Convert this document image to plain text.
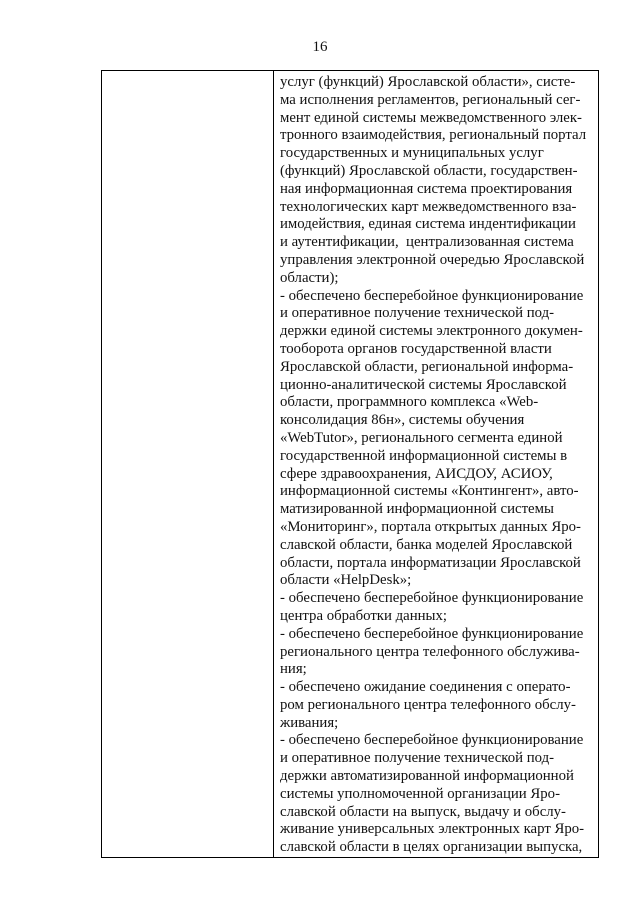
16

услуг (функций) Ярославской области», систе-
ма исполнения регламентов, региональный сег-
мент единой системы межведомственного элек-
тронного взаимодействия, региональный портал
государственных и муниципальных услуг
(функций) Ярославской области, государствен-
ная информационная система проектирования
технологических карт межведомственного вза-
имодействия, единая система индентификации
и аутентификации,  централизованная система
управления электронной очередью Ярославской
области);
- обеспечено бесперебойное функционирование
и оперативное получение технической под-
держки единой системы электронного докумен-
тооборота органов государственной власти
Ярославской области, региональной информа-
ционно-аналитической системы Ярославской
области, программного комплекса «Web-
консолидация 86н», системы обучения
«WebTutor», регионального сегмента единой
государственной информационной системы в
сфере здравоохранения, АИСДОУ, АСИОУ,
информационной системы «Контингент», авто-
матизированной информационной системы
«Мониторинг», портала открытых данных Яро-
славской области, банка моделей Ярославской
области, портала информатизации Ярославской
области «HelpDesk»;
- обеспечено бесперебойное функционирование
центра обработки данных;
- обеспечено бесперебойное функционирование
регионального центра телефонного обслужива-
ния;
- обеспечено ожидание соединения с операто-
ром регионального центра телефонного обслу-
живания;
- обеспечено бесперебойное функционирование
и оперативное получение технической под-
держки автоматизированной информационной
системы уполномоченной организации Яро-
славской области на выпуск, выдачу и обслу-
живание универсальных электронных карт Яро-
славской области в целях организации выпуска,
